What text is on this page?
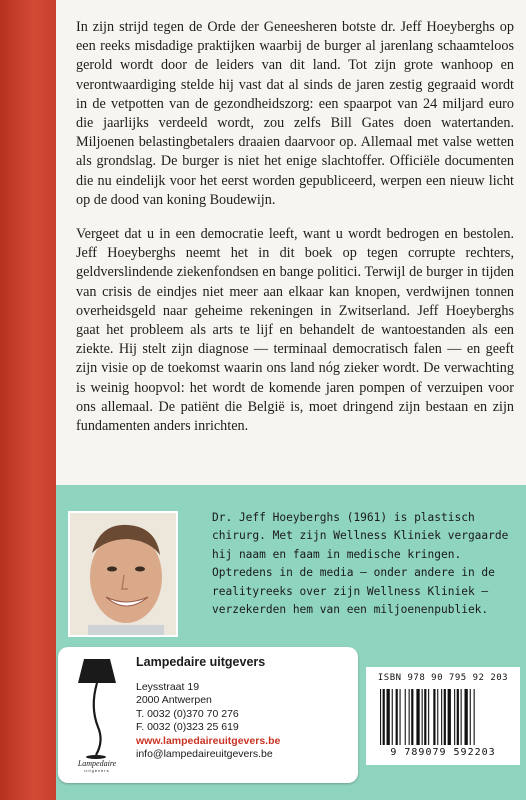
In zijn strijd tegen de Orde der Geneesheren botste dr. Jeff Hoeyberghs op een reeks misdadige praktijken waarbij de burger al jarenlang schaamteloos gerold wordt door de leiders van dit land. Tot zijn grote wanhoop en verontwaardiging stelde hij vast dat al sinds de jaren zestig gegraaid wordt in de vetpotten van de gezondheidszorg: een spaarpot van 24 miljard euro die jaarlijks verdeeld wordt, zou zelfs Bill Gates doen watertanden. Miljoenen belastingbetalers draaien daarvoor op. Allemaal met valse wetten als grondslag. De burger is niet het enige slachtoffer. Officiële documenten die nu eindelijk voor het eerst worden gepubliceerd, werpen een nieuw licht op de dood van koning Boudewijn.

Vergeet dat u in een democratie leeft, want u wordt bedrogen en bestolen. Jeff Hoeyberghs neemt het in dit boek op tegen corrupte rechters, geldverslindende ziekenfondsen en bange politici. Terwijl de burger in tijden van crisis de eindjes niet meer aan elkaar kan knopen, verdwijnen tonnen overheidsgeld naar geheime rekeningen in Zwitserland. Jeff Hoeyberghs gaat het probleem als arts te lijf en behandelt de wantoestanden als een ziekte. Hij stelt zijn diagnose — terminaal democratisch falen — en geeft zijn visie op de toekomst waarin ons land nóg zieker wordt. De verwachting is weinig hoopvol: het wordt de komende jaren pompen of verzuipen voor ons allemaal. De patiënt die België is, moet dringend zijn bestaan en zijn fundamenten anders inrichten.

Dr. Jeff Hoeyberghs (1961) is plastisch chirurg. Met zijn Wellness Kliniek vergaarde hij naam en faam in medische kringen. Optredens in de media — onder andere in de realityreeks over zijn Wellness Kliniek — verzekerden hem van een miljoenenpubliek.
Lampedaire
uitgevers
Lampedaire uitgevers
Leysstraat 19
2000 Antwerpen
T. 0032 (0)370 70 276
F. 0032 (0)323 25 619
www.lampedaireuitgevers.be
info@lampedaireuitgevers.be
ISBN 978 90 795 92 203
9 789079 592203
